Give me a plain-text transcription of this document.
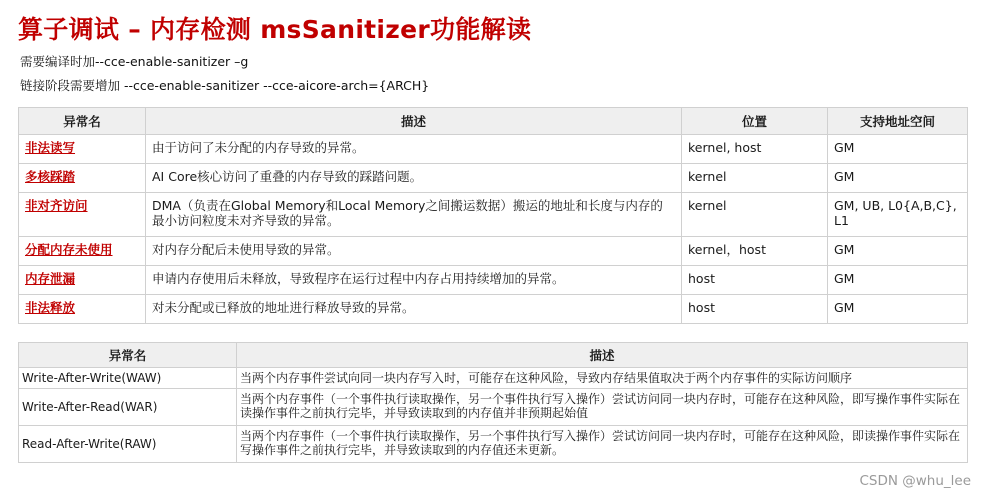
算子调试 – 内存检测 msSanitizer功能解读
需要编译时加--cce-enable-sanitizer –g
链接阶段需要增加 --cce-enable-sanitizer --cce-aicore-arch={ARCH}
异常名	描述	位置	支持地址空间
非法读写	由于访问了未分配的内存导致的异常。	kernel, host	GM
多核踩踏	AI Core核心访问了重叠的内存导致的踩踏问题。	kernel	GM
非对齐访问	DMA（负责在Global Memory和Local Memory之间搬运数据）搬运的地址和长度与内存的最小访问粒度未对齐导致的异常。	kernel	GM, UB, L0{A,B,C}, L1
分配内存未使用	对内存分配后未使用导致的异常。	kernel，host	GM
内存泄漏	申请内存使用后未释放，导致程序在运行过程中内存占用持续增加的异常。	host	GM
非法释放	对未分配或已释放的地址进行释放导致的异常。	host	GM
异常名	描述
Write-After-Write(WAW)	当两个内存事件尝试向同一块内存写入时，可能存在这种风险，导致内存结果值取决于两个内存事件的实际访问顺序
Write-After-Read(WAR)	当两个内存事件（一个事件执行读取操作，另一个事件执行写入操作）尝试访问同一块内存时，可能存在这种风险，即写操作事件实际在读操作事件之前执行完毕，并导致读取到的内存值并非预期起始值
Read-After-Write(RAW)	当两个内存事件（一个事件执行读取操作，另一个事件执行写入操作）尝试访问同一块内存时，可能存在这种风险，即读操作事件实际在写操作事件之前执行完毕，并导致读取到的内存值还未更新。
CSDN @whu_lee
